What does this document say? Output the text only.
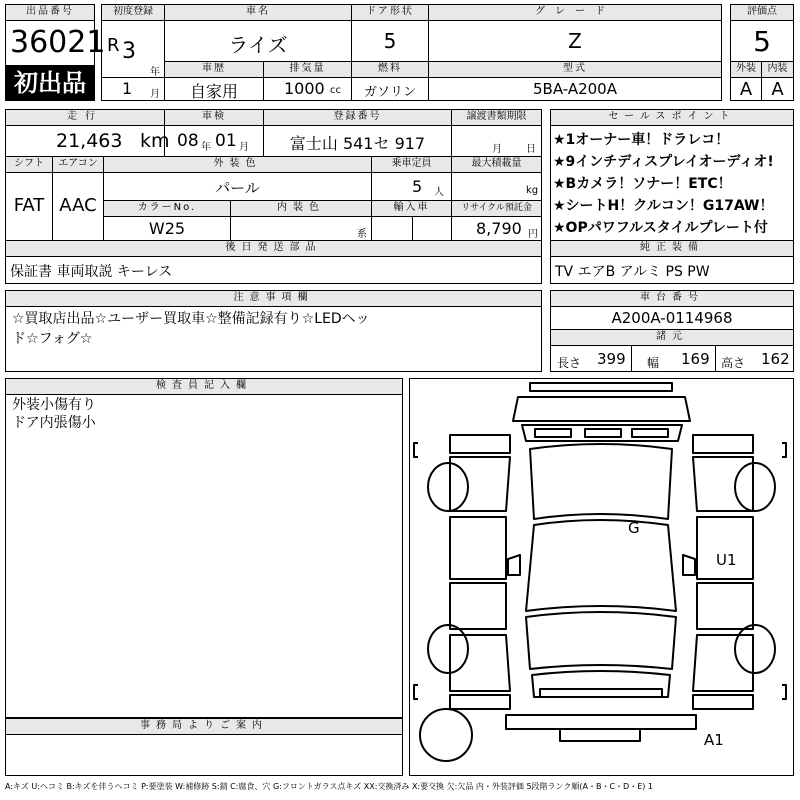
出品番号
36021
初出品
初度登録
R 3
年
1 月
車名
ライズ
ドア形状
5
グレード
Z
評価点
5
車歴
自家用
排気量
1000 cc
燃料
ガソリン
型式
5BA-A200A
外装
A
内装
A
走行
21,463 km
車検
08 年 01 月
登録番号
富士山 541セ 917
譲渡書類期限
月 日
シフト
FAT
エアコン
AAC
外装色
パール
乗車定員
5 人
最大積載量
kg
カラーNo.
W25
内装色
系
輸入車	リサイクル預託金
8,790 円
後日発送部品
保証書 車両取説 キーレス
セールスポイント
★1オーナー車！ドラレコ！
★9インチディスプレイオーディオ!
★Bカメラ！ソナー！ETC！
★シートH！クルコン！G17AW！
★OPパワフルスタイルプレート付
純正装備
TV エアB アルミ PS PW
注意事項欄
☆買取店出品☆ユーザー買取車☆整備記録有り☆LEDヘッ
ド☆フォグ☆
車台番号
A200A-0114968
諸元
長さ 399 幅 169 高さ 162
検査員記入欄
外装小傷有り
ドア内張傷小
事務局よりご案内
G
U1
A1
A:キズ U:ヘコミ B:キズを伴うヘコミ P:要塗装 W:補修跡 S:錆 C:腐食、穴 G:フロントガラス点キズ XX:交換済み X:要交換 欠:欠品 内・外装評価 5段階ランク順(A・B・C・D・E) 1
